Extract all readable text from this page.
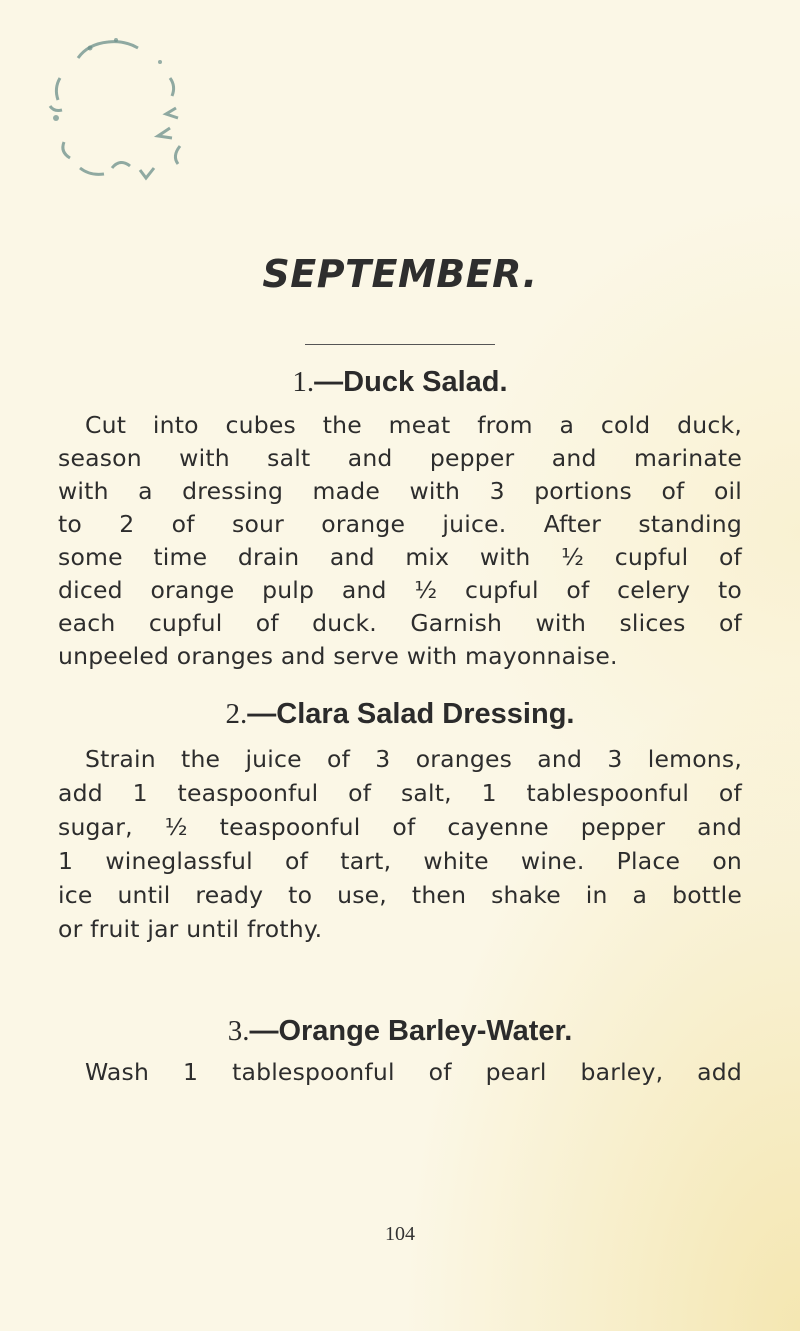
SEPTEMBER.
1.—Duck Salad.
Cut into cubes the meat from a cold duck,
season with salt and pepper and marinate
with a dressing made with 3 portions of oil
to 2 of sour orange juice. After standing
some time drain and mix with ½ cupful of
diced orange pulp and ½ cupful of celery to
each cupful of duck. Garnish with slices of
unpeeled oranges and serve with mayonnaise.
2.—Clara Salad Dressing.
Strain the juice of 3 oranges and 3 lemons,
add 1 teaspoonful of salt, 1 tablespoonful of
sugar, ½ teaspoonful of cayenne pepper and
1 wineglassful of tart, white wine. Place on
ice until ready to use, then shake in a bottle
or fruit jar until frothy.
3.—Orange Barley-Water.
Wash 1 tablespoonful of pearl barley, add
104
